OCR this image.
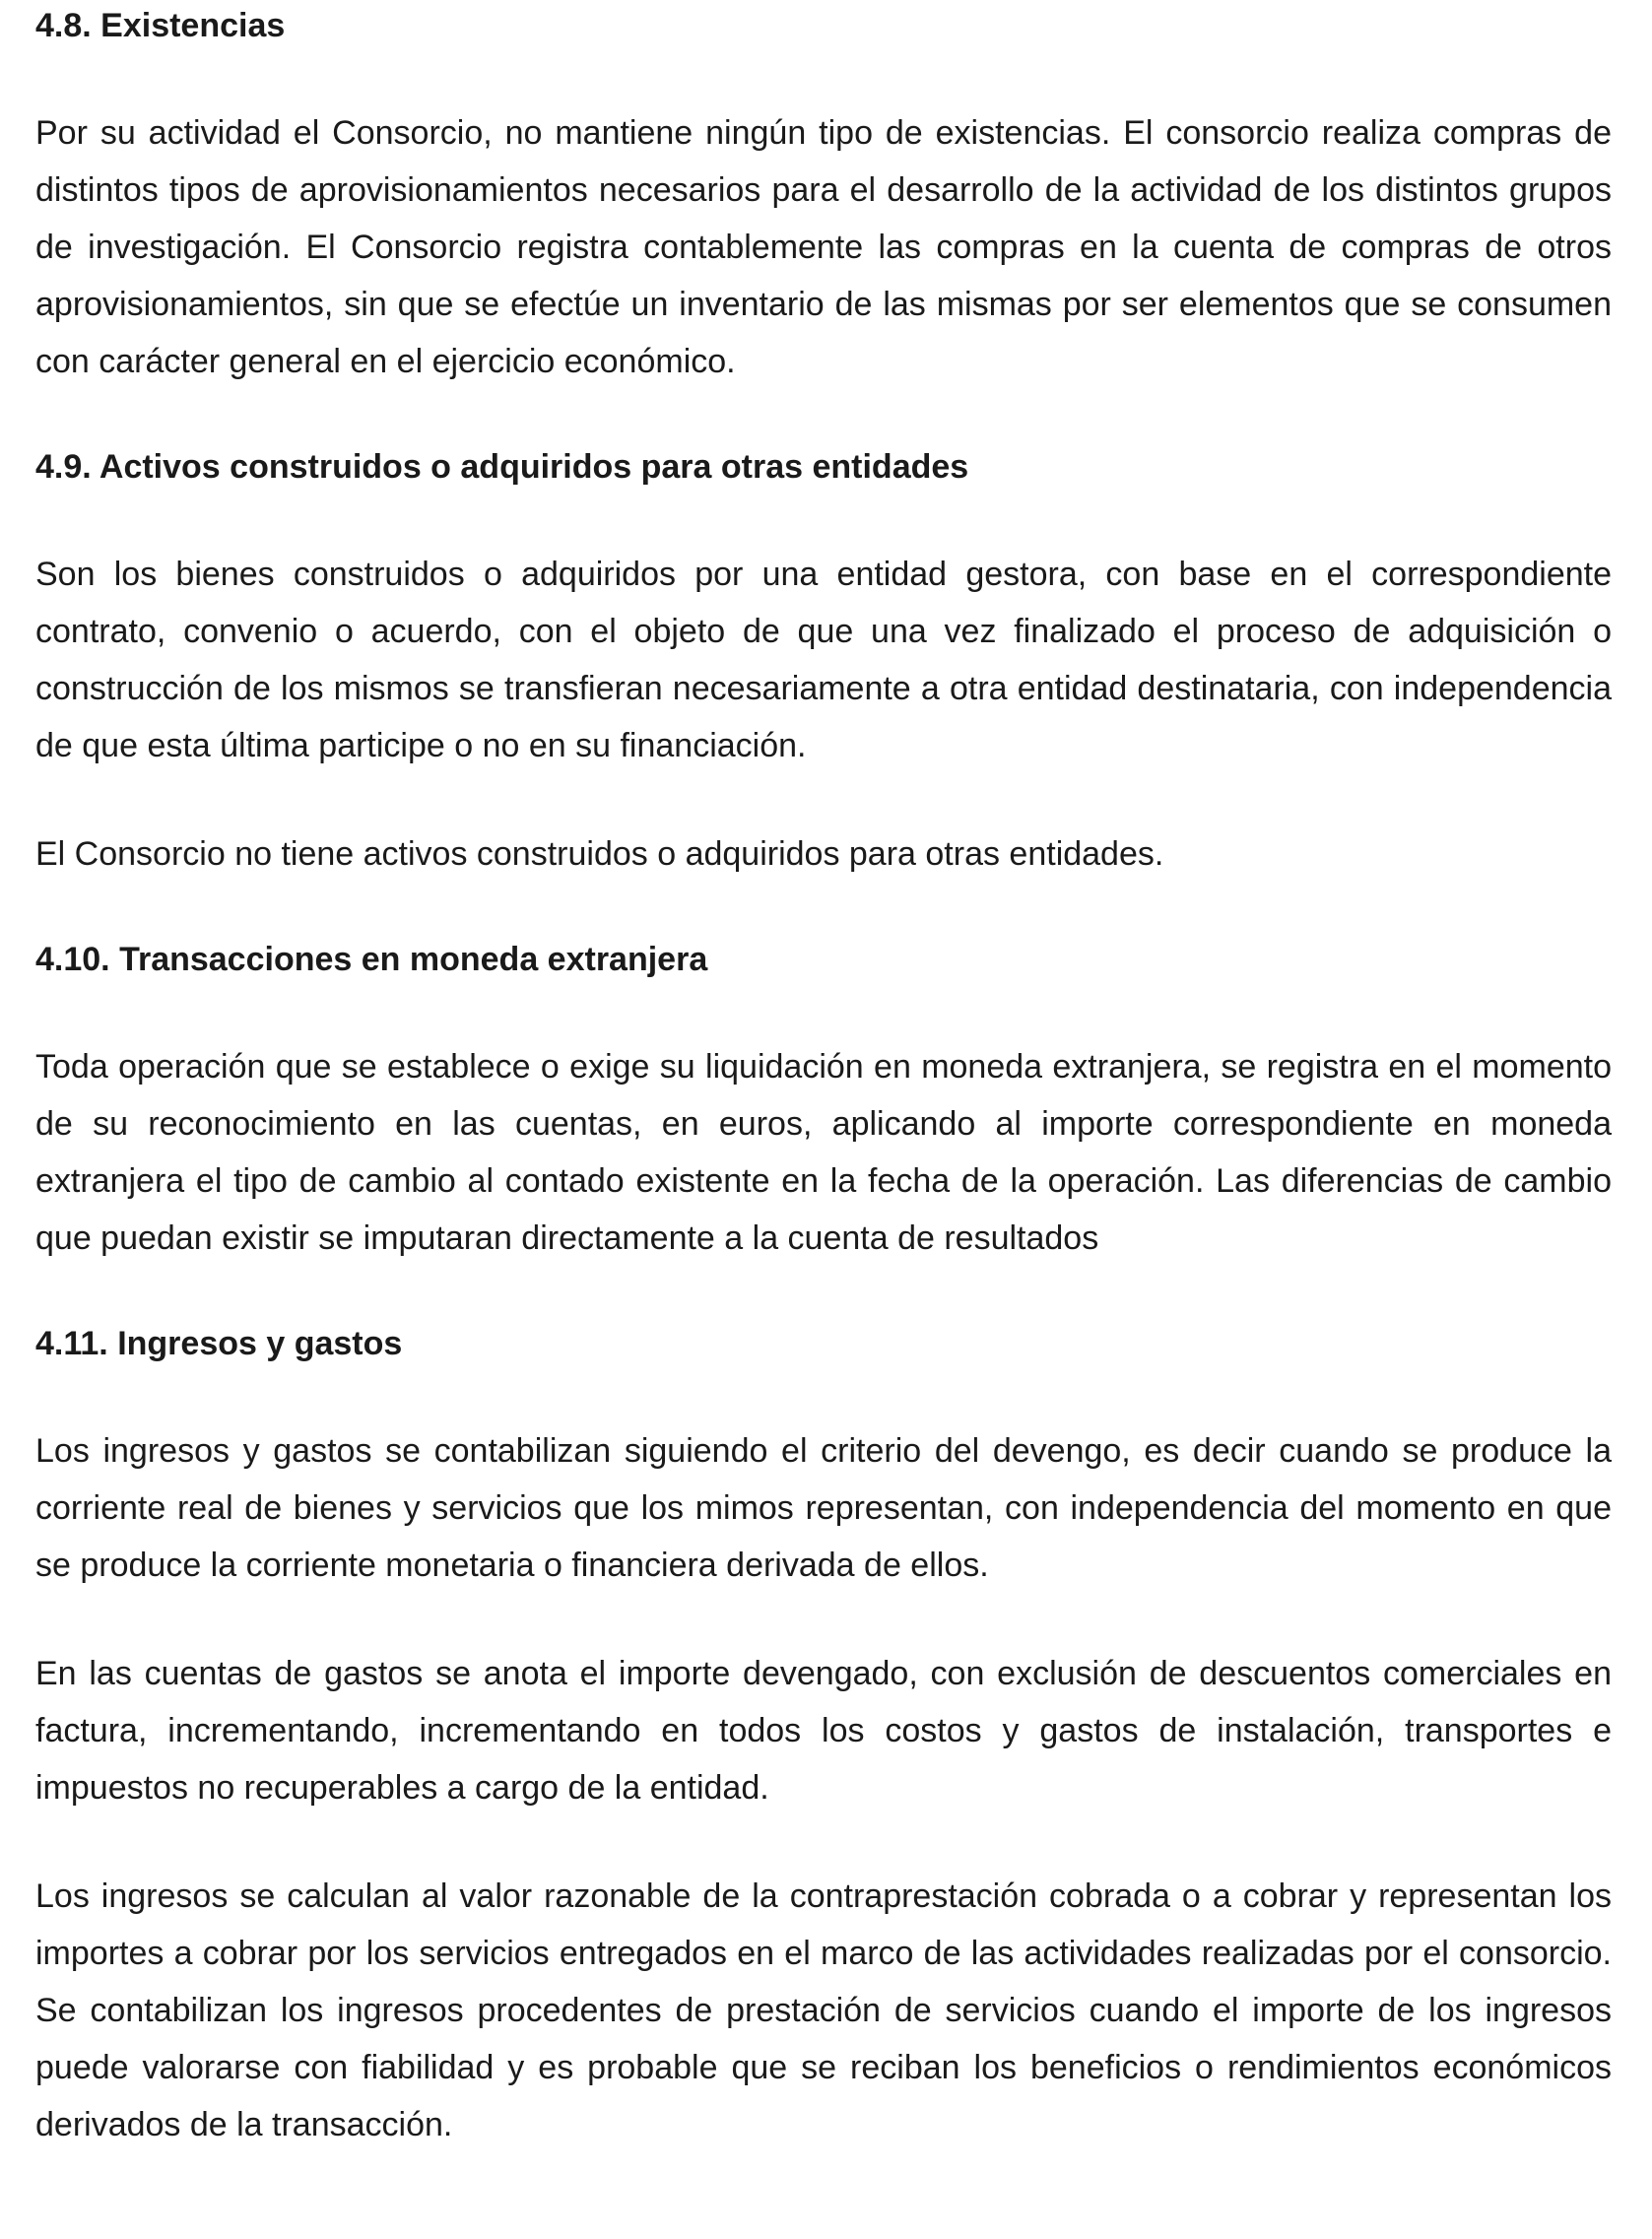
4.8. Existencias

Por su actividad el Consorcio, no mantiene ningún tipo de existencias. El consorcio realiza compras de distintos tipos de aprovisionamientos necesarios para el desarrollo de la actividad de los distintos grupos de investigación. El Consorcio registra contablemente las compras en la cuenta de compras de otros aprovisionamientos, sin que se efectúe un inventario de las mismas por ser elementos que se consumen con carácter general en el ejercicio económico.

4.9. Activos construidos o adquiridos para otras entidades

Son los bienes construidos o adquiridos por una entidad gestora, con base en el correspondiente contrato, convenio o acuerdo, con el objeto de que una vez finalizado el proceso de adquisición o construcción de los mismos se transfieran necesariamente a otra entidad destinataria, con independencia de que esta última participe o no en su financiación.

El Consorcio no tiene activos construidos o adquiridos para otras entidades.

4.10. Transacciones en moneda extranjera

Toda operación que se establece o exige su liquidación en moneda extranjera, se registra en el momento de su reconocimiento en las cuentas, en euros, aplicando al importe correspondiente en moneda extranjera el tipo de cambio al contado existente en la fecha de la operación. Las diferencias de cambio que puedan existir se imputaran directamente a la cuenta de resultados

4.11. Ingresos y gastos

Los ingresos y gastos se contabilizan siguiendo el criterio del devengo, es decir cuando se produce la corriente real de bienes y servicios que los mimos representan, con independencia del momento en que se produce la corriente monetaria o financiera derivada de ellos.

En las cuentas de gastos se anota el importe devengado, con exclusión de descuentos comerciales en factura, incrementando, incrementando en todos los costos y gastos de instalación, transportes e impuestos no recuperables a cargo de la entidad.

Los ingresos se calculan al valor razonable de la contraprestación cobrada o a cobrar y representan los importes a cobrar por los servicios entregados en el marco de las actividades realizadas por el consorcio. Se contabilizan los ingresos procedentes de prestación de servicios cuando el importe de los ingresos puede valorarse con fiabilidad y es probable que se reciban los beneficios o rendimientos económicos derivados de la transacción.
